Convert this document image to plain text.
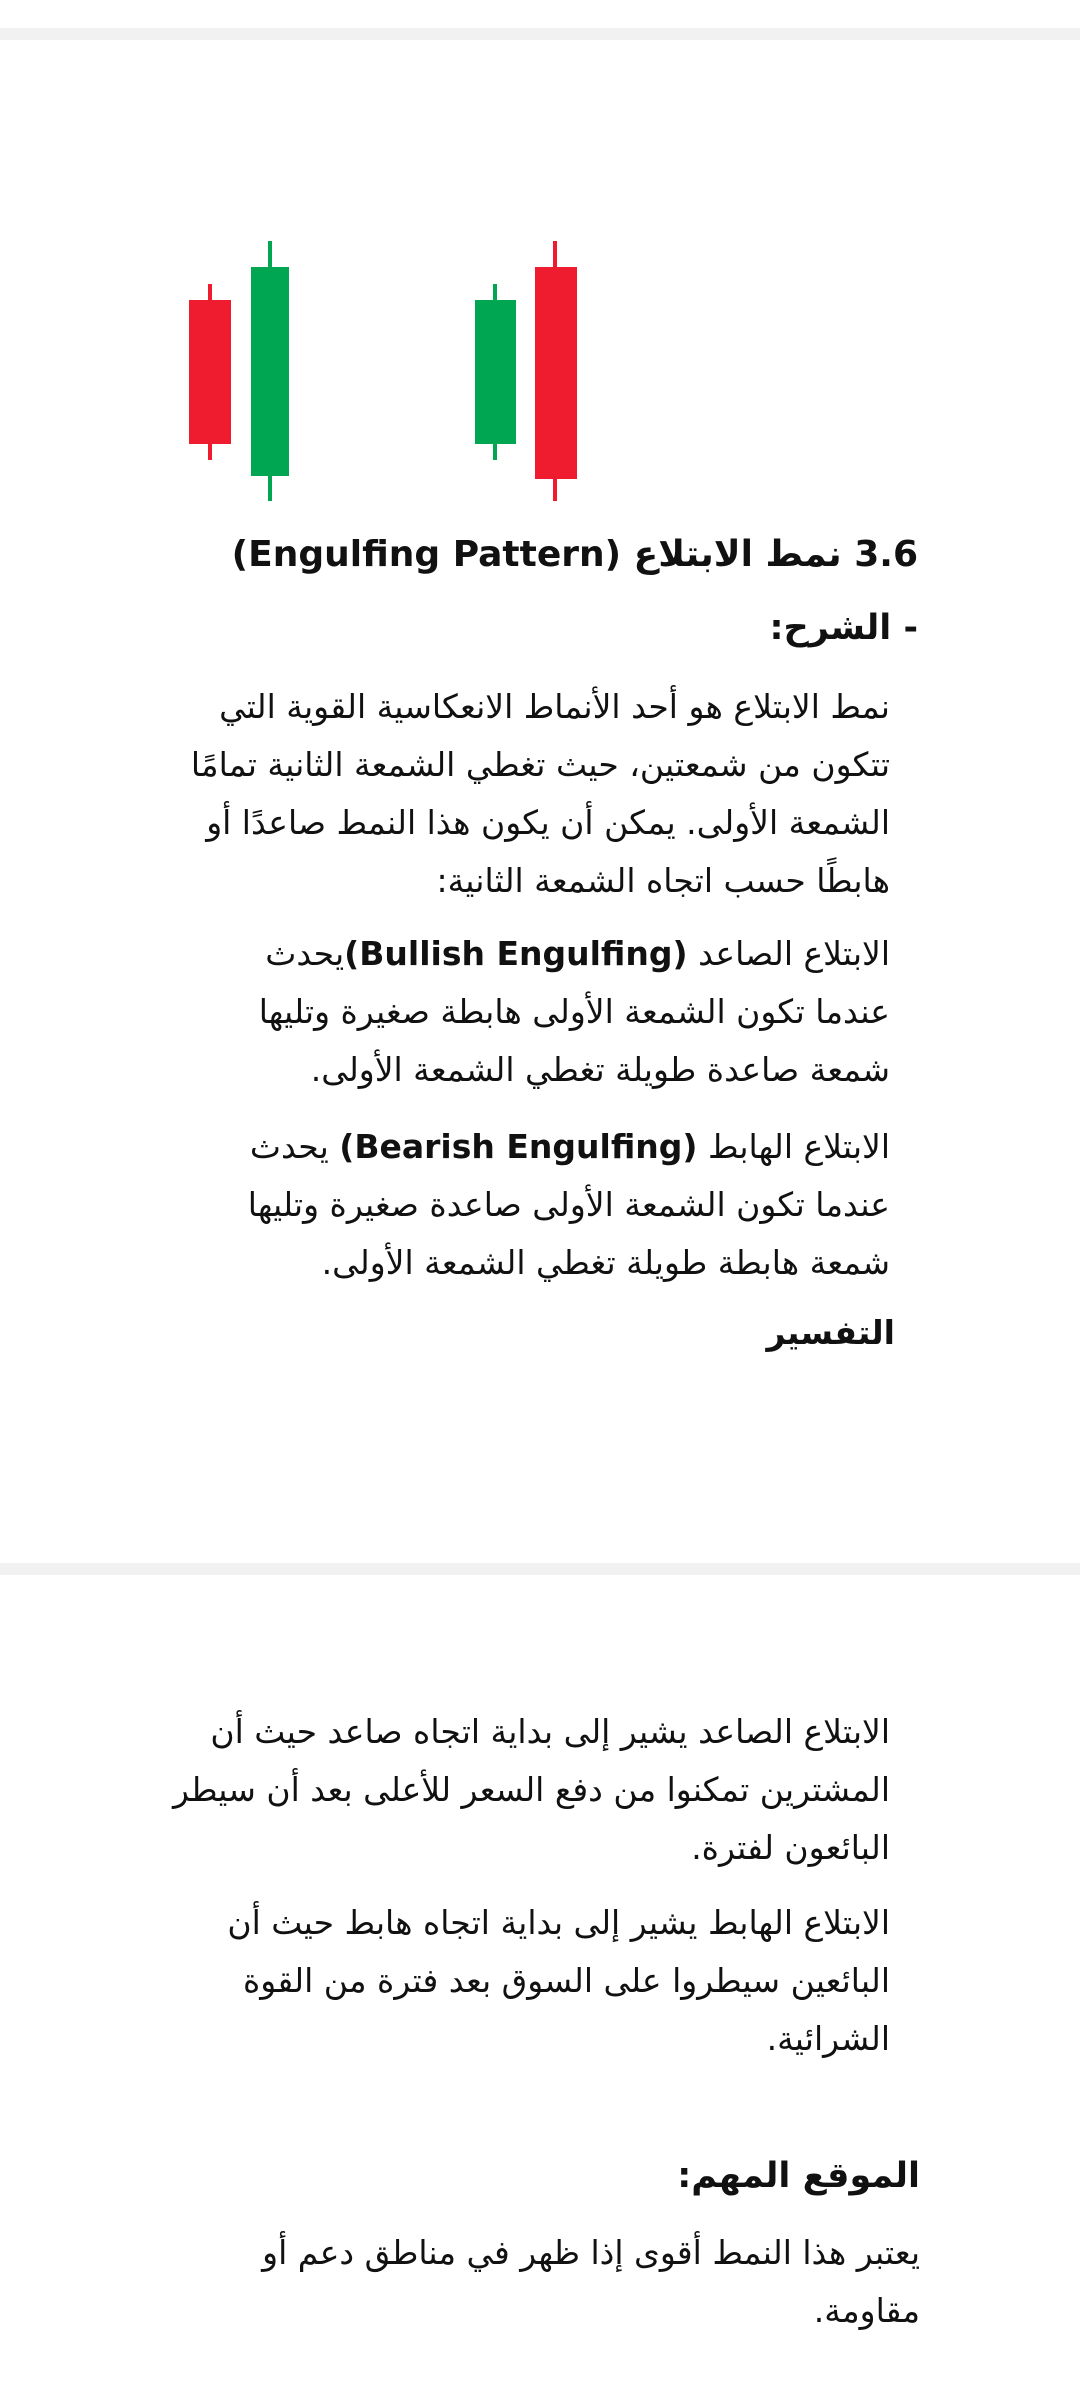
3.6 نمط الابتلاع (Engulfing Pattern)
- الشرح:
نمط الابتلاع هو أحد الأنماط الانعكاسية القوية التي
تتكون من شمعتين، حيث تغطي الشمعة الثانية تمامًا
الشمعة الأولى. يمكن أن يكون هذا النمط صاعدًا أو
هابطًا حسب اتجاه الشمعة الثانية:
الابتلاع الصاعد (Bullish Engulfing)يحدث
عندما تكون الشمعة الأولى هابطة صغيرة وتليها
شمعة صاعدة طويلة تغطي الشمعة الأولى.
الابتلاع الهابط (Bearish Engulfing) يحدث
عندما تكون الشمعة الأولى صاعدة صغيرة وتليها
شمعة هابطة طويلة تغطي الشمعة الأولى.
التفسير
الابتلاع الصاعد يشير إلى بداية اتجاه صاعد حيث أن
المشترين تمكنوا من دفع السعر للأعلى بعد أن سيطر
البائعون لفترة.
الابتلاع الهابط يشير إلى بداية اتجاه هابط حيث أن
البائعين سيطروا على السوق بعد فترة من القوة
الشرائية.
الموقع المهم:
يعتبر هذا النمط أقوى إذا ظهر في مناطق دعم أو
مقاومة.
